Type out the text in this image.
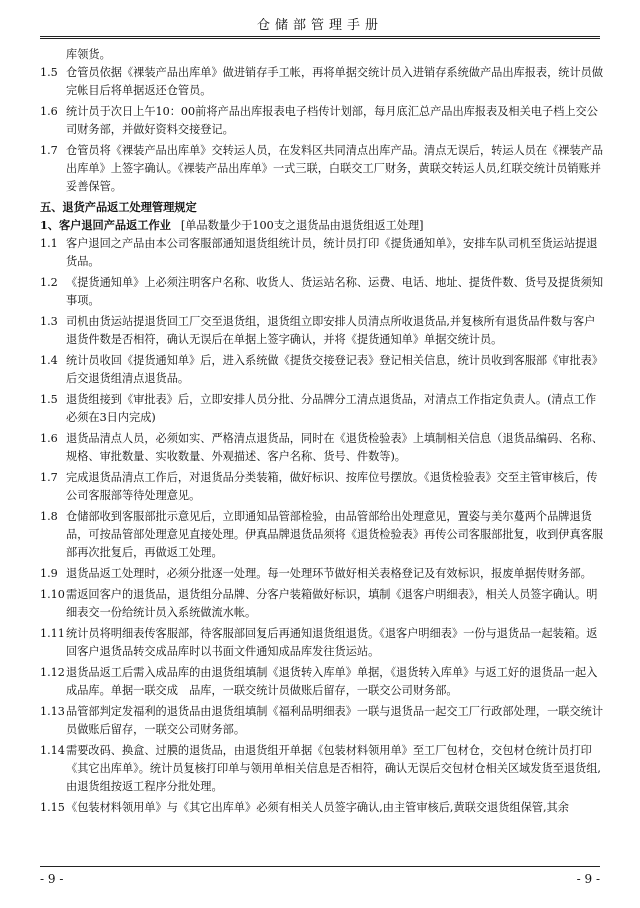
仓储部管理手册
库领货。
1.5 仓管员依据《裸装产品出库单》做进销存手工帐，再将单据交统计员入进销存系统做产品出库报表，统计员做完帐目后将单据返还仓管员。
1.6 统计员于次日上午10：00前将产品出库报表电子档传计划部，每月底汇总产品出库报表及相关电子档上交公司财务部，并做好资料交接登记。
1.7 仓管员将《裸装产品出库单》交转运人员，在发料区共同清点出库产品。清点无误后，转运人员在《裸装产品出库单》上签字确认。《裸装产品出库单》一式三联，白联交工厂财务，黄联交转运人员,红联交统计员销账并妥善保管。
五、退货产品返工处理管理规定
1、客户退回产品返工作业 [单品数量少于100支之退货品由退货组返工处理]
1.1 客户退回之产品由本公司客服部通知退货组统计员，统计员打印《提货通知单》，安排车队司机至货运站提退货品。
1.2 《提货通知单》上必须注明客户名称、收货人、货运站名称、运费、电话、地址、提货件数、货号及提货须知事项。
1.3 司机由货运站提退货回工厂交至退货组，退货组立即安排人员清点所收退货品,并复核所有退货品件数与客户退货件数是否相符，确认无误后在单据上签字确认，并将《提货通知单》单据交统计员。
1.4 统计员收回《提货通知单》后，进入系统做《提货交接登记表》登记相关信息，统计员收到客服部《审批表》后交退货组清点退货品。
1.5 退货组接到《审批表》后，立即安排人员分批、分品牌分工清点退货品，对清点工作指定负责人。(清点工作必须在3日内完成)
1.6 退货品清点人员，必须如实、严格清点退货品，同时在《退货检验表》上填制相关信息（退货品编码、名称、规格、审批数量、实收数量、外观描述、客户名称、货号、件数等)。
1.7 完成退货品清点工作后，对退货品分类装箱，做好标识、按库位号摆放。《退货检验表》交至主管审核后，传公司客服部等待处理意见。
1.8 仓储部收到客服部批示意见后，立即通知品管部检验，由品管部给出处理意见，置姿与美尔蔓两个品牌退货品，可按品管部处理意见直接处理。伊真品牌退货品须将《退货检验表》再传公司客服部批复，收到伊真客服部再次批复后，再做返工处理。
1.9 退货品返工处理时，必须分批逐一处理。每一处理环节做好相关表格登记及有效标识，报废单据传财务部。
1.10 需返回客户的退货品，退货组分品牌、分客户装箱做好标识，填制《退客户明细表》，相关人员签字确认。明细表交一份给统计员入系统做流水帐。
1.11 统计员将明细表传客服部，待客服部回复后再通知退货组退货。《退客户明细表》一份与退货品一起装箱。返回客户退货品转交成品库时以书面文件通知成品库发往货运站。
1.12 退货品返工后需入成品库的由退货组填制《退货转入库单》单据，《退货转入库单》与返工好的退货品一起入成品库。单据一联交成　品库，一联交统计员做账后留存，一联交公司财务部。
1.13 品管部判定发福利的退货品由退货组填制《福利品明细表》一联与退货品一起交工厂行政部处理，一联交统计员做账后留存，一联交公司财务部。
1.14 需要改码、换盒、过膜的退货品，由退货组开单据《包装材料领用单》至工厂包材仓，交包材仓统计员打印《其它出库单》。统计员复核打印单与领用单相关信息是否相符，确认无误后交包材仓相关区域发货至退货组,由退货组按返工程序分批处理。
1.15 《包装材料领用单》与《其它出库单》必须有相关人员签字确认,由主管审核后,黄联交退货组保管,其余
- 9 -	- 9 -
